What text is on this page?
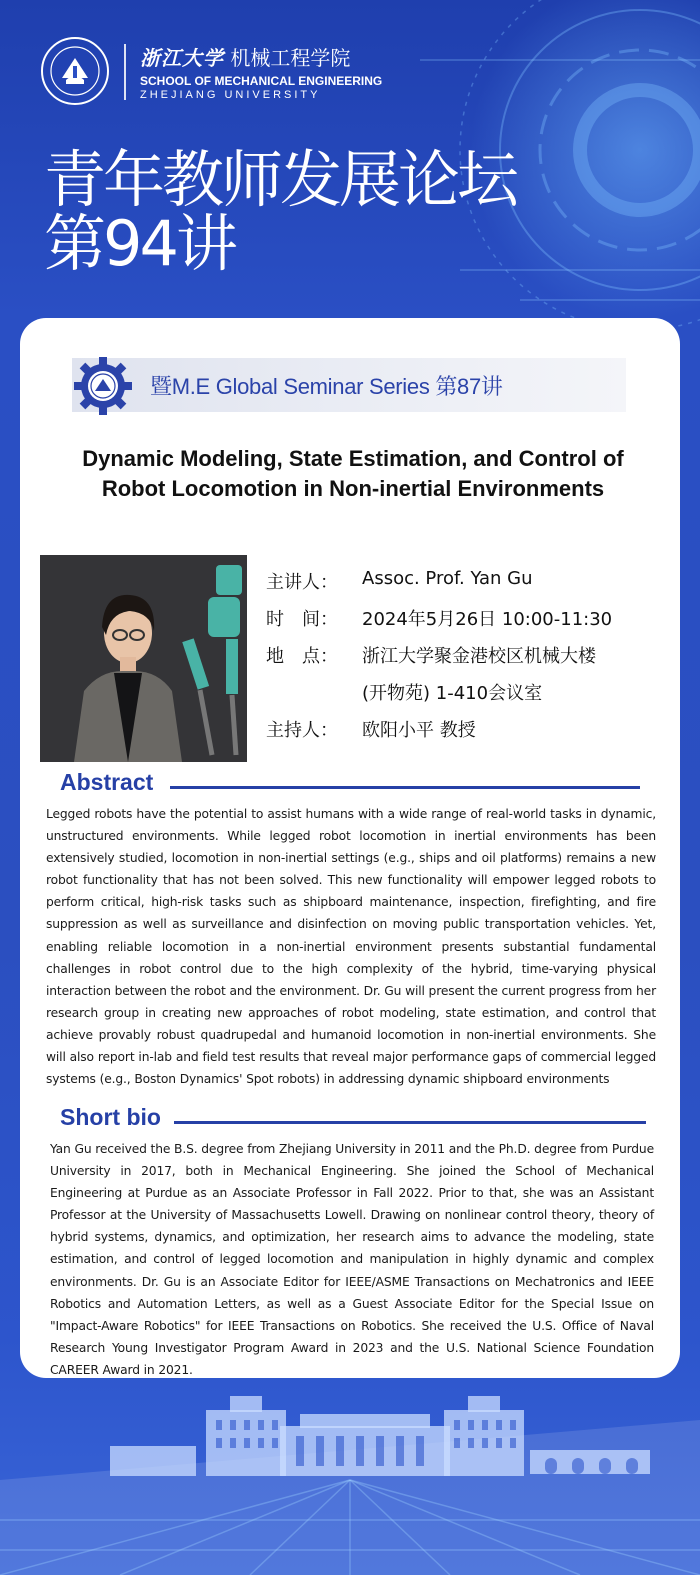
浙江大学 机械工程学院
SCHOOL OF MECHANICAL ENGINEERING
ZHEJIANG UNIVERSITY
青年教师发展论坛
第94讲
暨M.E Global Seminar Series 第87讲
Dynamic Modeling, State Estimation, and Control of Robot Locomotion in Non-inertial Environments
主讲人：	Assoc. Prof. Yan Gu
时　间：	2024年5月26日 10:00-11:30
地　点：	浙江大学聚金港校区机械大楼
(开物苑) 1-410会议室
主持人：	欧阳小平 教授
Abstract
Legged robots have the potential to assist humans with a wide range of real-world tasks in dynamic, unstructured environments. While legged robot locomotion in inertial environments has been extensively studied, locomotion in non-inertial settings (e.g., ships and oil platforms) remains a new robot functionality that has not been solved. This new functionality will empower legged robots to perform critical, high-risk tasks such as shipboard maintenance, inspection, firefighting, and fire suppression as well as surveillance and disinfection on moving public transportation vehicles. Yet, enabling reliable locomotion in a non-inertial environment presents substantial fundamental challenges in robot control due to the high complexity of the hybrid, time-varying physical interaction between the robot and the environment. Dr. Gu will present the current progress from her research group in creating new approaches of robot modeling, state estimation, and control that achieve provably robust quadrupedal and humanoid locomotion in non-inertial environments. She will also report in-lab and field test results that reveal major performance gaps of commercial legged systems (e.g., Boston Dynamics' Spot robots) in addressing dynamic shipboard environments
Short bio
Yan Gu received the B.S. degree from Zhejiang University in 2011 and the Ph.D. degree from Purdue University in 2017, both in Mechanical Engineering. She joined the School of Mechanical Engineering at Purdue as an Associate Professor in Fall 2022. Prior to that, she was an Assistant Professor at the University of Massachusetts Lowell. Drawing on nonlinear control theory, theory of hybrid systems, dynamics, and optimization, her research aims to advance the modeling, state estimation, and control of legged locomotion and manipulation in highly dynamic and complex environments. Dr. Gu is an Associate Editor for IEEE/ASME Transactions on Mechatronics and IEEE Robotics and Automation Letters, as well as a Guest Associate Editor for the Special Issue on "Impact-Aware Robotics" for IEEE Transactions on Robotics. She received the U.S. Office of Naval Research Young Investigator Program Award in 2023 and the U.S. National Science Foundation CAREER Award in 2021.
